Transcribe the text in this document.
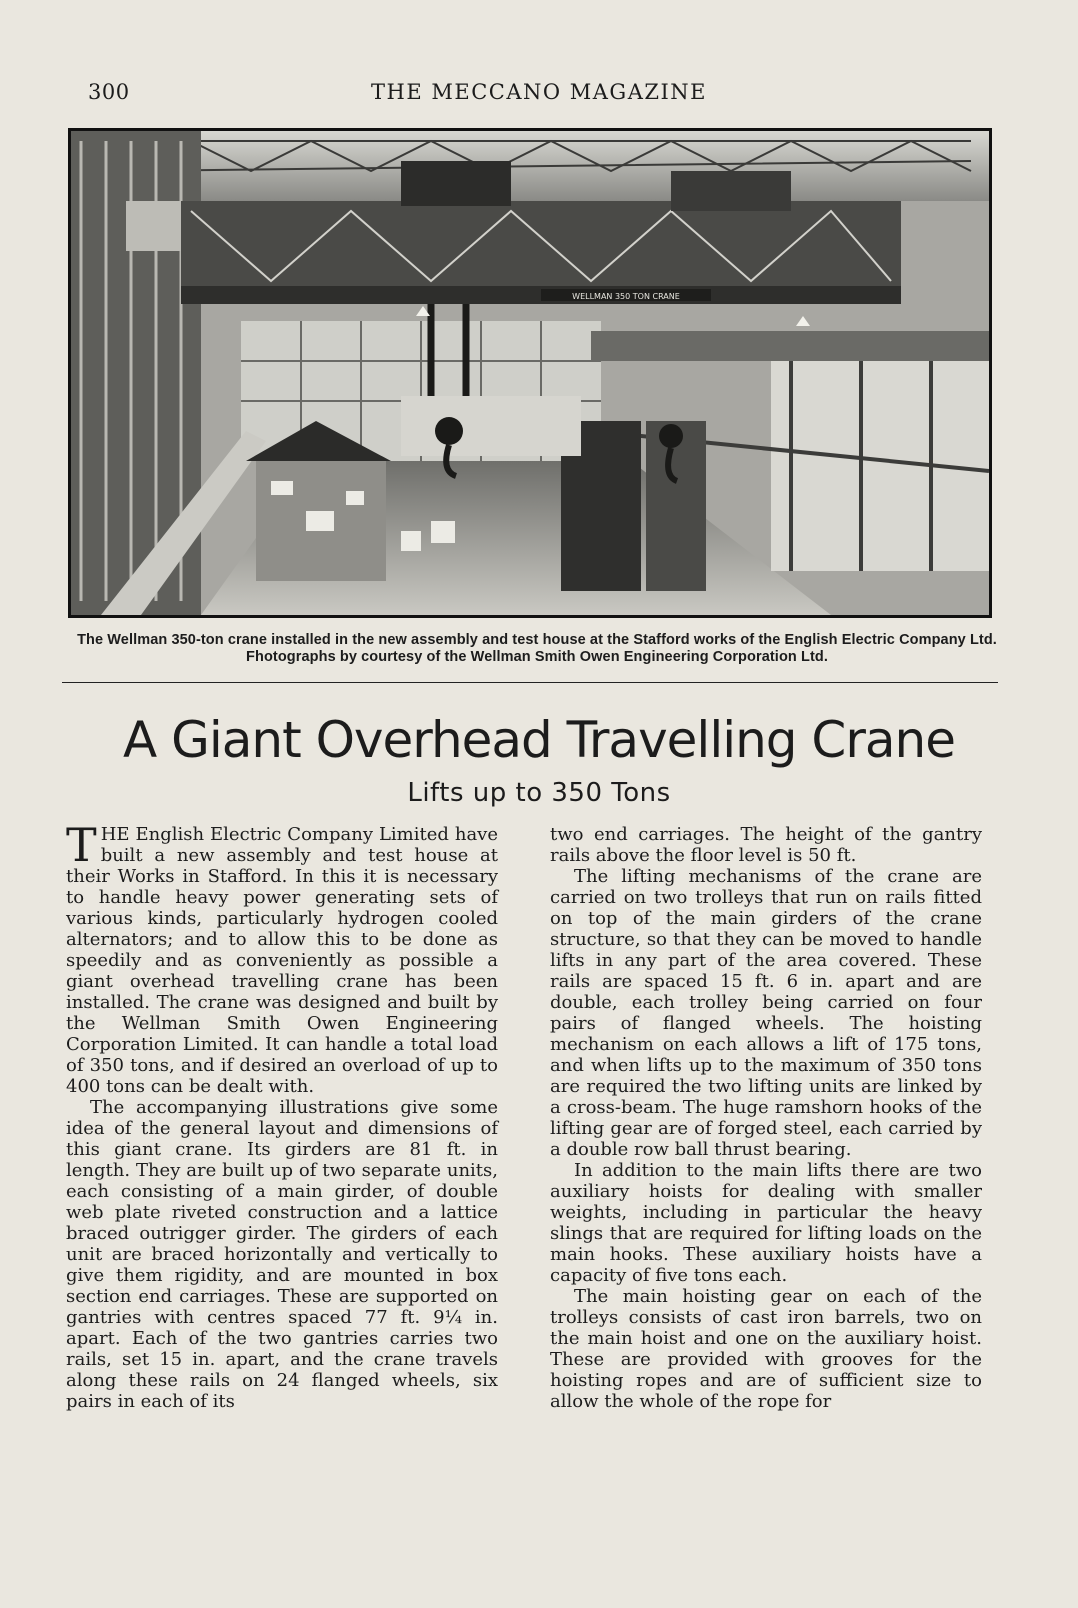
300	THE MECCANO MAGAZINE
WELLMAN 350 TON CRANE
The Wellman 350-ton crane installed in the new assembly and test house at the Stafford works of the English Electric Company Ltd. Fhotographs by courtesy of the Wellman Smith Owen Engineering Corporation Ltd.
A Giant Overhead Travelling Crane
Lifts up to 350 Tons

THE English Electric Company Limited have built a new assembly and test house at their Works in Stafford. In this it is necessary to handle heavy power generating sets of various kinds, particularly hydrogen cooled alternators; and to allow this to be done as speedily and as conveniently as possible a giant overhead travelling crane has been installed. The crane was designed and built by the Wellman Smith Owen Engineering Corporation Limited. It can handle a total load of 350 tons, and if desired an overload of up to 400 tons can be dealt with.

The accompanying illustrations give some idea of the general layout and dimensions of this giant crane. Its girders are 81 ft. in length. They are built up of two separate units, each consisting of a main girder, of double web plate riveted construction and a lattice braced outrigger girder. The girders of each unit are braced horizontally and vertically to give them rigidity, and are mounted in box section end carriages. These are supported on gantries with centres spaced 77 ft. 9¼ in. apart. Each of the two gantries carries two rails, set 15 in. apart, and the crane travels along these rails on 24 flanged wheels, six pairs in each of its

two end carriages. The height of the gantry rails above the floor level is 50 ft.

The lifting mechanisms of the crane are carried on two trolleys that run on rails fitted on top of the main girders of the crane structure, so that they can be moved to handle lifts in any part of the area covered. These rails are spaced 15 ft. 6 in. apart and are double, each trolley being carried on four pairs of flanged wheels. The hoisting mechanism on each allows a lift of 175 tons, and when lifts up to the maximum of 350 tons are required the two lifting units are linked by a cross-beam. The huge ramshorn hooks of the lifting gear are of forged steel, each carried by a double row ball thrust bearing.

In addition to the main lifts there are two auxiliary hoists for dealing with smaller weights, including in particular the heavy slings that are required for lifting loads on the main hooks. These auxiliary hoists have a capacity of five tons each.

The main hoisting gear on each of the trolleys consists of cast iron barrels, two on the main hoist and one on the auxiliary hoist. These are provided with grooves for the hoisting ropes and are of sufficient size to allow the whole of the rope for
